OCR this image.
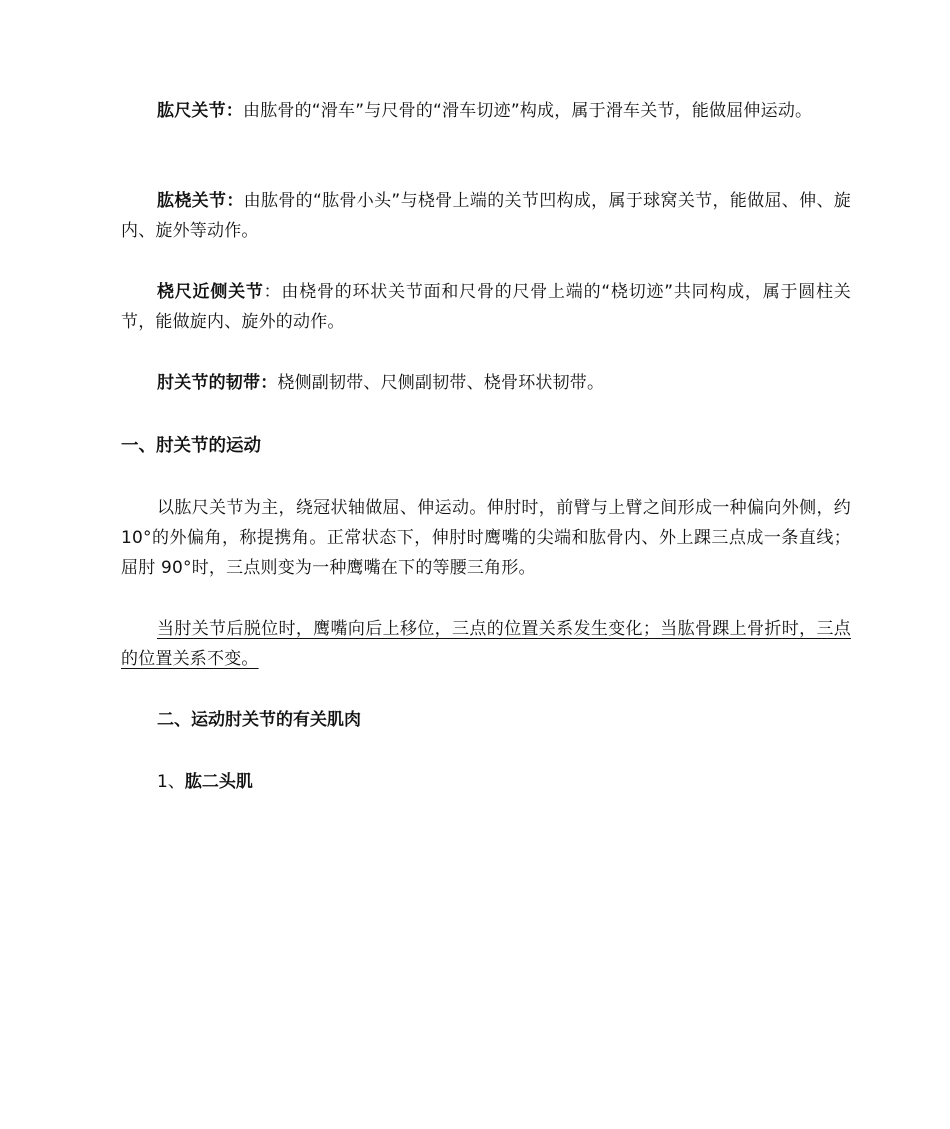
肱尺关节：由肱骨的“滑车”与尺骨的“滑车切迹”构成，属于滑车关节，能做屈伸运动。

肱桡关节：由肱骨的“肱骨小头”与桡骨上端的关节凹构成，属于球窝关节，能做屈、伸、旋内、旋外等动作。

桡尺近侧关节：由桡骨的环状关节面和尺骨的尺骨上端的“桡切迹”共同构成，属于圆柱关节，能做旋内、旋外的动作。

肘关节的韧带：桡侧副韧带、尺侧副韧带、桡骨环状韧带。

一、肘关节的运动

以肱尺关节为主，绕冠状轴做屈、伸运动。伸肘时，前臂与上臂之间形成一种偏向外侧，约 10°的外偏角，称提携角。正常状态下，伸肘时鹰嘴的尖端和肱骨内、外上踝三点成一条直线；屈肘 90°时，三点则变为一种鹰嘴在下的等腰三角形。

当肘关节后脱位时，鹰嘴向后上移位，三点的位置关系发生变化；当肱骨踝上骨折时，三点的位置关系不变。

二、运动肘关节的有关肌肉

1、肱二头肌
